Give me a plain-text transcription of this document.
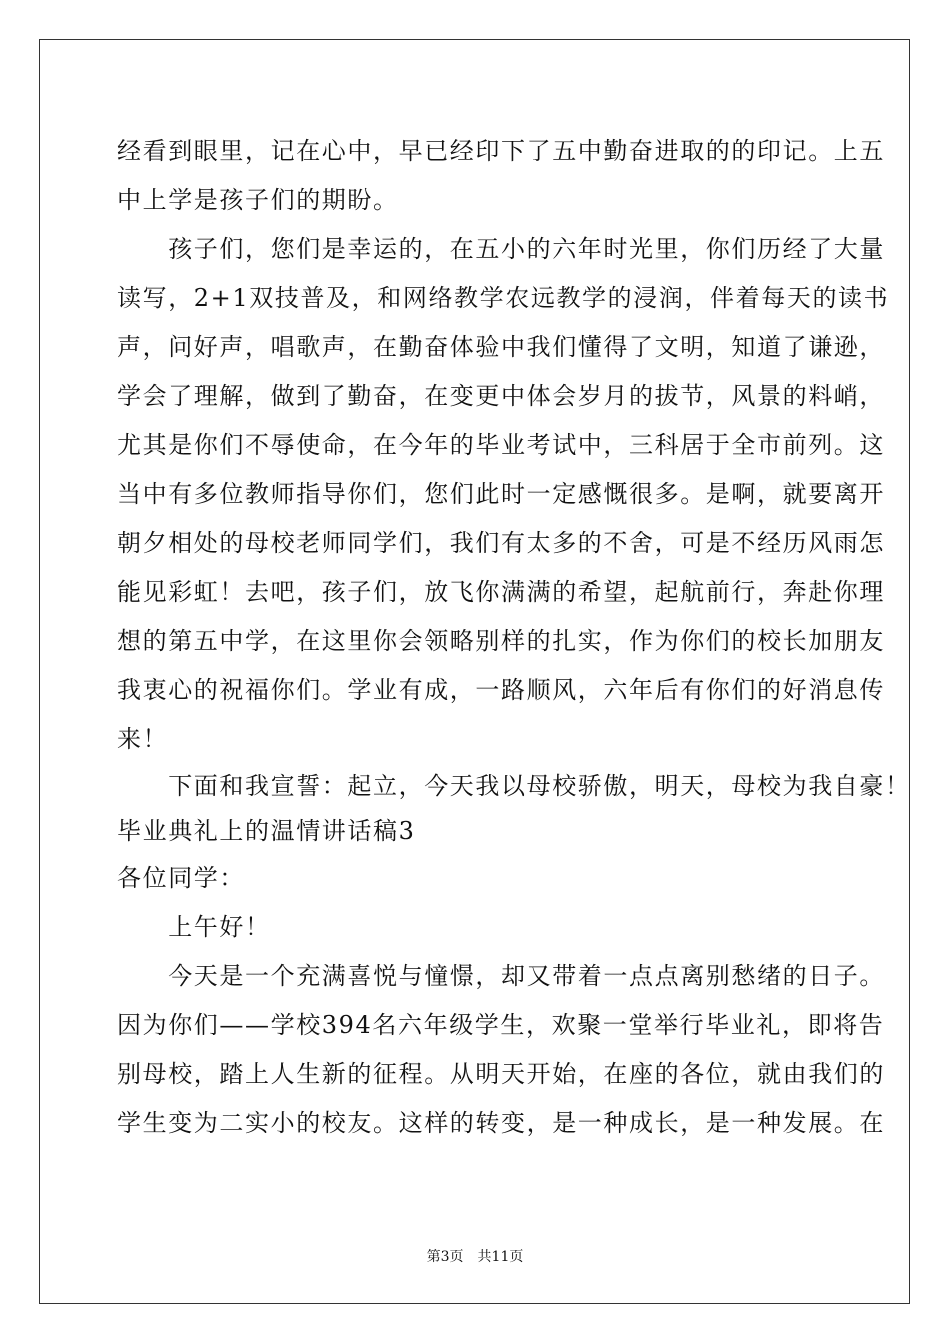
经看到眼里，记在心中，早已经印下了五中勤奋进取的的印记。上五
中上学是孩子们的期盼。
　　孩子们，您们是幸运的，在五小的六年时光里，你们历经了大量
读写，2+1双技普及，和网络教学农远教学的浸润，伴着每天的读书
声，问好声，唱歌声，在勤奋体验中我们懂得了文明，知道了谦逊，
学会了理解，做到了勤奋，在变更中体会岁月的拔节，风景的料峭，
尤其是你们不辱使命，在今年的毕业考试中，三科居于全市前列。这
当中有多位教师指导你们，您们此时一定感慨很多。是啊，就要离开
朝夕相处的母校老师同学们，我们有太多的不舍，可是不经历风雨怎
能见彩虹！去吧，孩子们，放飞你满满的希望，起航前行，奔赴你理
想的第五中学，在这里你会领略别样的扎实，作为你们的校长加朋友
我衷心的祝福你们。学业有成，一路顺风，六年后有你们的好消息传
来！
　　下面和我宣誓：起立，今天我以母校骄傲，明天，母校为我自豪！
毕业典礼上的温情讲话稿3
各位同学：
　　上午好！
　　今天是一个充满喜悦与憧憬，却又带着一点点离别愁绪的日子。
因为你们——学校394名六年级学生，欢聚一堂举行毕业礼，即将告
别母校，踏上人生新的征程。从明天开始，在座的各位，就由我们的
学生变为二实小的校友。这样的转变，是一种成长，是一种发展。在
第3页 共11页
